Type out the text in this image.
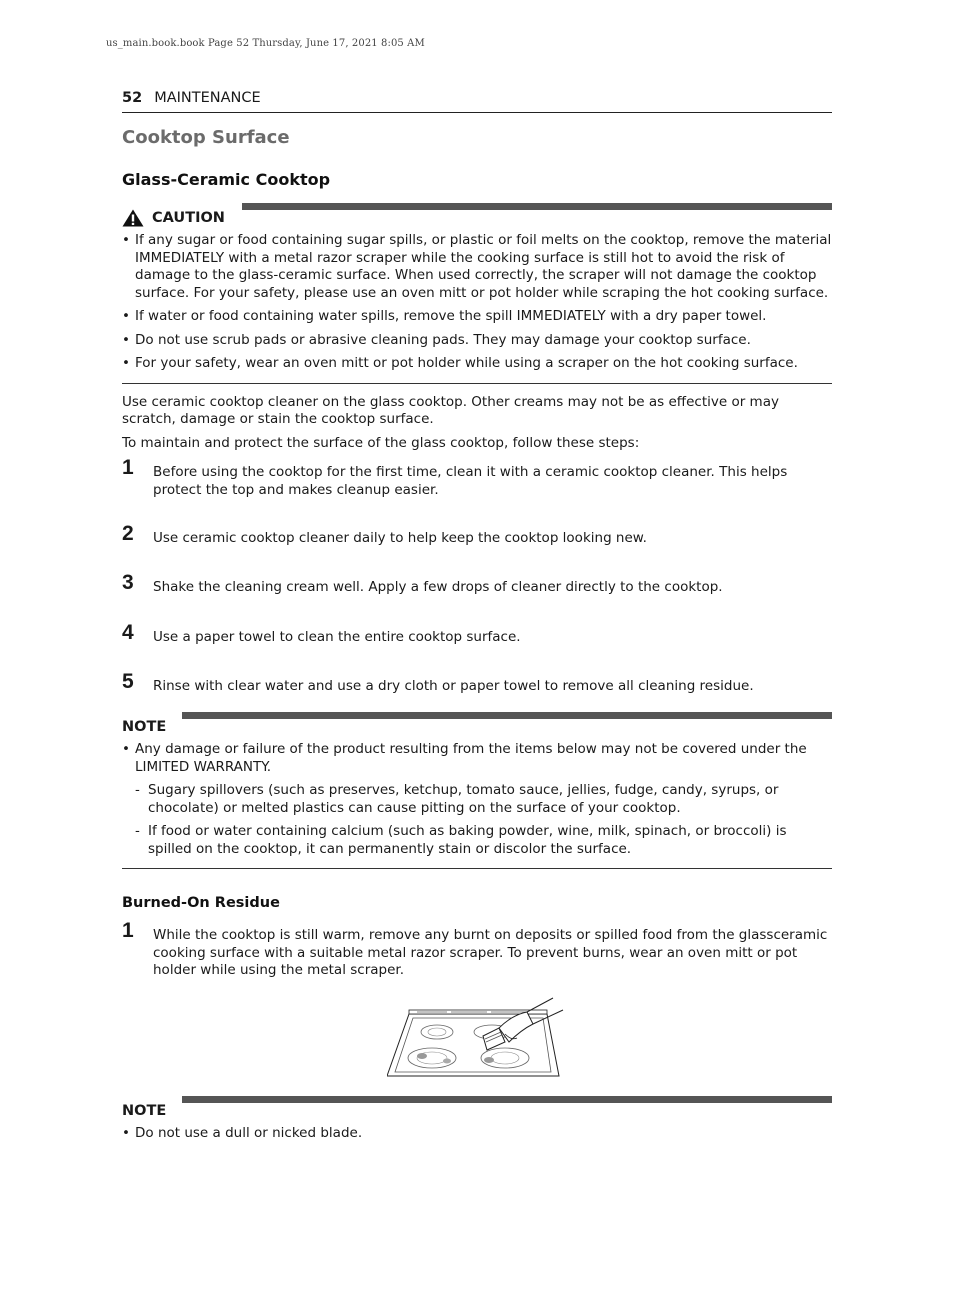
us_main.book.book Page 52 Thursday, June 17, 2021 8:05 AM
52 MAINTENANCE
Cooktop Surface
Glass-Ceramic Cooktop
CAUTION
• If any sugar or food containing sugar spills, or plastic or foil melts on the cooktop, remove the material IMMEDIATELY with a metal razor scraper while the cooking surface is still hot to avoid the risk of damage to the glass-ceramic surface. When used correctly, the scraper will not damage the cooktop surface. For your safety, please use an oven mitt or pot holder while scraping the hot cooking surface.
• If water or food containing water spills, remove the spill IMMEDIATELY with a dry paper towel.
• Do not use scrub pads or abrasive cleaning pads. They may damage your cooktop surface.
• For your safety, wear an oven mitt or pot holder while using a scraper on the hot cooking surface.

Use ceramic cooktop cleaner on the glass cooktop. Other creams may not be as effective or may scratch, damage or stain the cooktop surface.

To maintain and protect the surface of the glass cooktop, follow these steps:

1	Before using the cooktop for the first time, clean it with a ceramic cooktop cleaner. This helps protect the top and makes cleanup easier.
2	Use ceramic cooktop cleaner daily to help keep the cooktop looking new.
3	Shake the cleaning cream well. Apply a few drops of cleaner directly to the cooktop.
4	Use a paper towel to clean the entire cooktop surface.
5	Rinse with clear water and use a dry cloth or paper towel to remove all cleaning residue.
NOTE
• Any damage or failure of the product resulting from the items below may not be covered under the LIMITED WARRANTY.
- Sugary spillovers (such as preserves, ketchup, tomato sauce, jellies, fudge, candy, syrups, or chocolate) or melted plastics can cause pitting on the surface of your cooktop.
- If food or water containing calcium (such as baking powder, wine, milk, spinach, or broccoli) is spilled on the cooktop, it can permanently stain or discolor the surface.
Burned-On Residue
1	While the cooktop is still warm, remove any burnt on deposits or spilled food from the glassceramic cooking surface with a suitable metal razor scraper. To prevent burns, wear an oven mitt or pot holder while using the metal scraper.
NOTE
• Do not use a dull or nicked blade.
